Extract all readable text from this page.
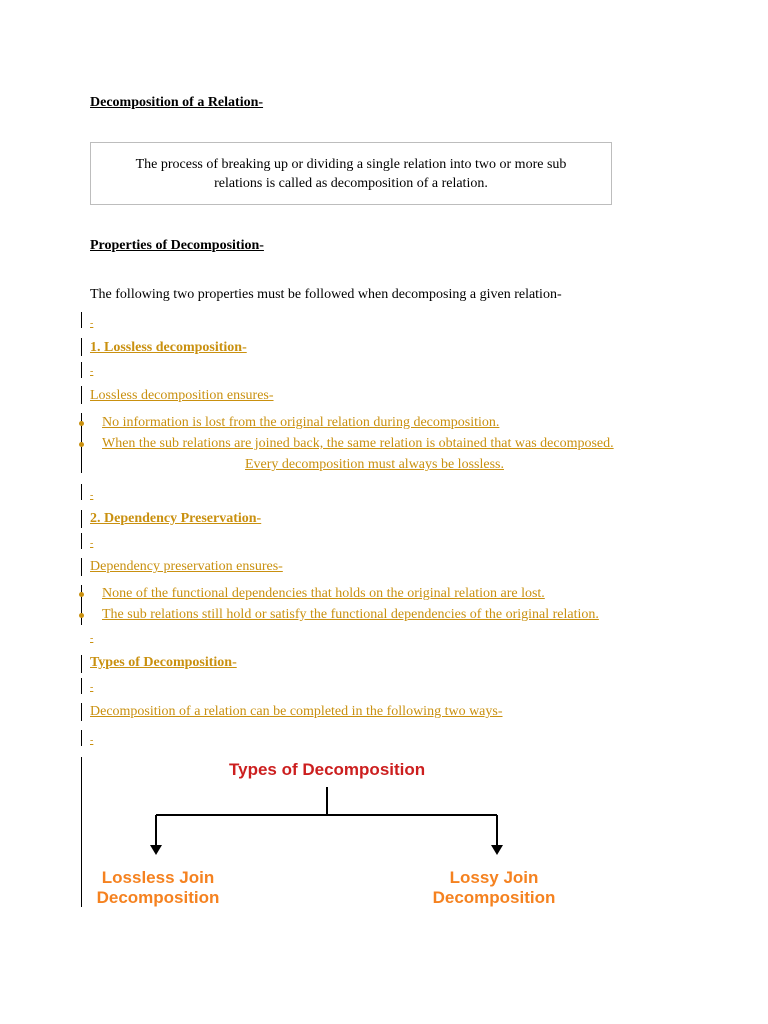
Decomposition of a Relation-
The process of breaking up or dividing a single relation into two or more sub
relations is called as decomposition of a relation.
Properties of Decomposition-
The following two properties must be followed when decomposing a given relation-
-
1. Lossless decomposition-
-
Lossless decomposition ensures-
No information is lost from the original relation during decomposition.
When the sub relations are joined back, the same relation is obtained that was decomposed.
Every decomposition must always be lossless.
-
2. Dependency Preservation-
-
Dependency preservation ensures-
None of the functional dependencies that holds on the original relation are lost.
The sub relations still hold or satisfy the functional dependencies of the original relation.
-
Types of Decomposition-
-
Decomposition of a relation can be completed in the following two ways-
-
Types of Decomposition
Lossless Join
Decomposition
Lossy Join
Decomposition
